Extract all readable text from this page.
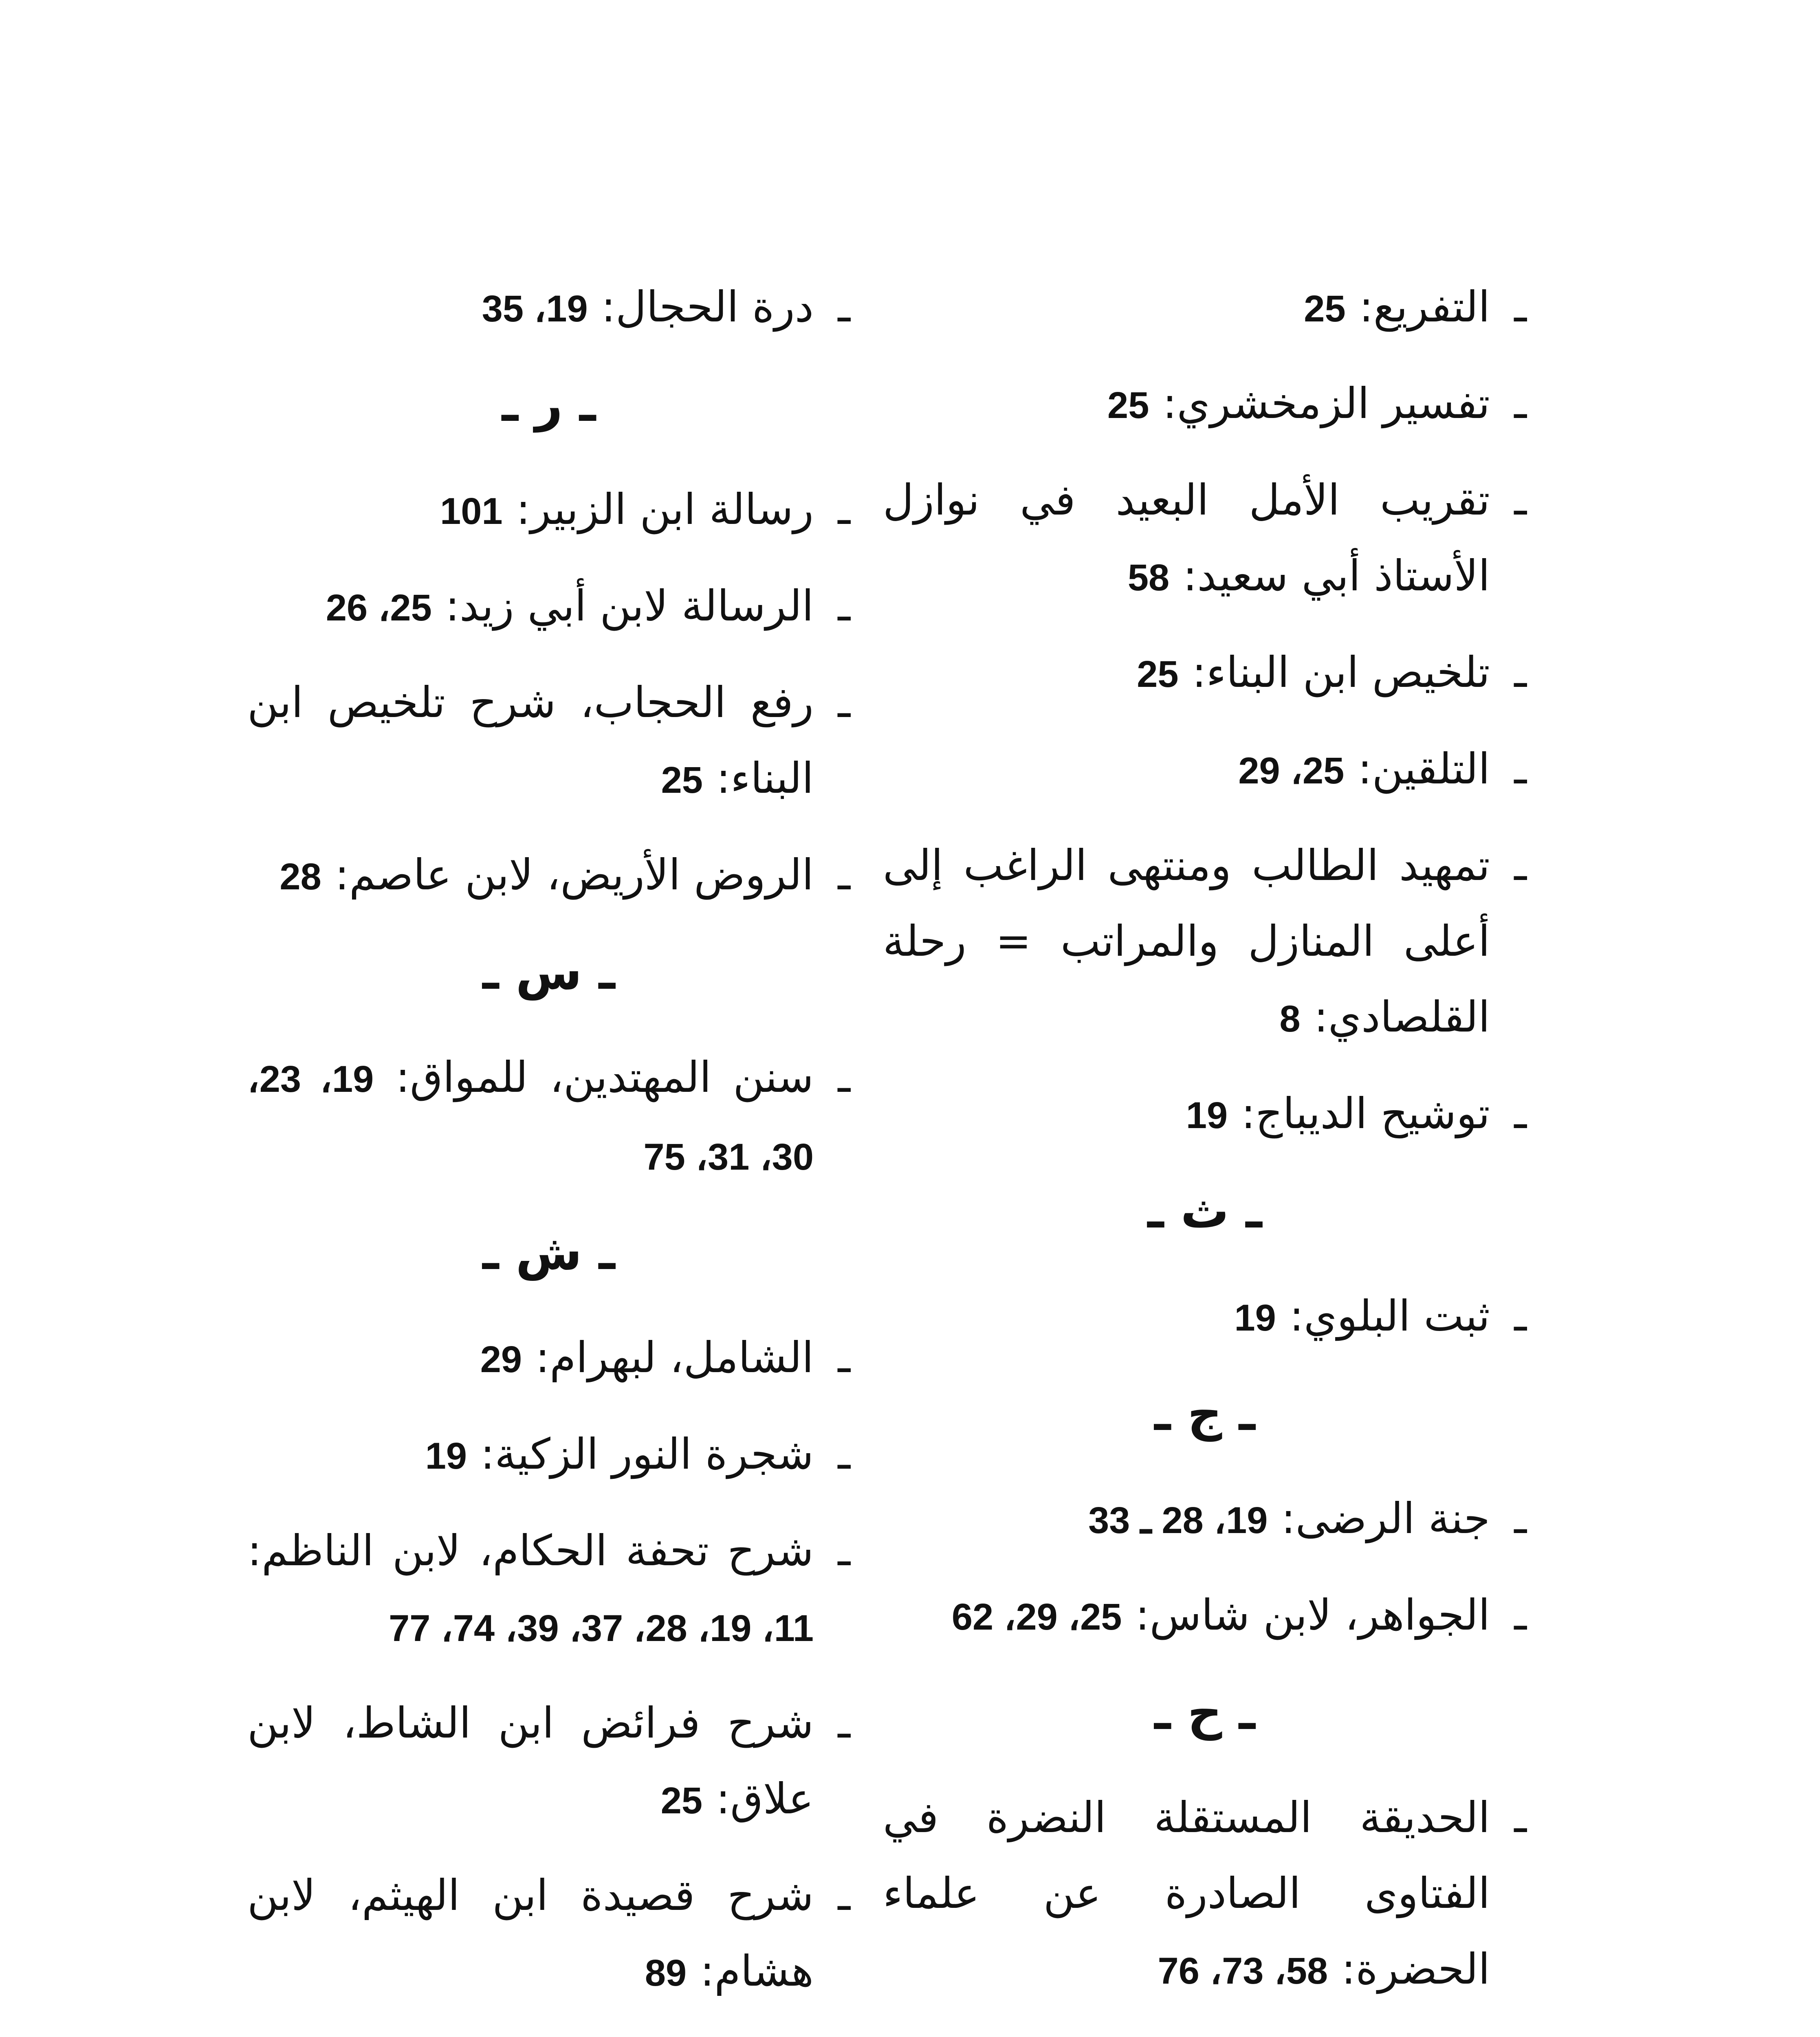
ـ التفريع: 25
ـ تفسير الزمخشري: 25
ـ تقريب الأمل البعيد في نوازل الأستاذ أبي سعيد: 58
ـ تلخيص ابن البناء: 25
ـ التلقين: 25، 29
ـ تمهيد الطالب ومنتهى الراغب إلى أعلى المنازل والمراتب = رحلة القلصادي: 8
ـ توشيح الديباج: 19
ـ ث ـ
ـ ثبت البلوي: 19
ـ ج ـ
ـ جنة الرضى: 19، 28 ـ 33
ـ الجواهر، لابن شاس: 25، 29، 62
ـ ح ـ
ـ الحديقة المستقلة النضرة في الفتاوى الصادرة عن علماء الحضرة: 58، 73، 76
ـ درة الحجال: 19، 35
ـ ر ـ
ـ رسالة ابن الزبير: 101
ـ الرسالة لابن أبي زيد: 25، 26
ـ رفع الحجاب، شرح تلخيص ابن البناء: 25
ـ الروض الأريض، لابن عاصم: 28
ـ س ـ
ـ سنن المهتدين، للمواق: 19، 23، 30، 31، 75
ـ ش ـ
ـ الشامل، لبهرام: 29
ـ شجرة النور الزكية: 19
ـ شرح تحفة الحكام، لابن الناظم: 11، 19، 28، 37، 39، 74، 77
ـ شرح فرائض ابن الشاط، لابن علاق: 25
ـ شرح قصيدة ابن الهيثم، لابن هشام: 89
ـ
